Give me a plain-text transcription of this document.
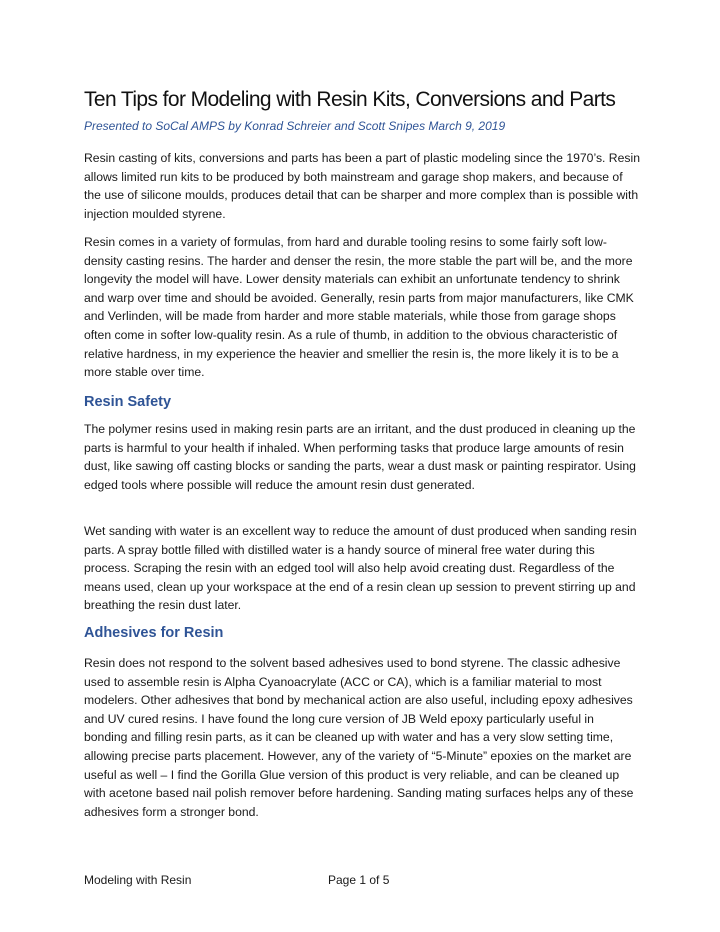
Ten Tips for Modeling with Resin Kits, Conversions and Parts
Presented to SoCal AMPS by Konrad Schreier and Scott Snipes March 9, 2019

Resin casting of kits, conversions and parts has been a part of plastic modeling since the 1970’s. Resin allows limited run kits to be produced by both mainstream and garage shop makers, and because of the use of silicone moulds, produces detail that can be sharper and more complex than is possible with injection moulded styrene.

Resin comes in a variety of formulas, from hard and durable tooling resins to some fairly soft low-density casting resins. The harder and denser the resin, the more stable the part will be, and the more longevity the model will have. Lower density materials can exhibit an unfortunate tendency to shrink and warp over time and should be avoided. Generally, resin parts from major manufacturers, like CMK and Verlinden, will be made from harder and more stable materials, while those from garage shops often come in softer low-quality resin. As a rule of thumb, in addition to the obvious characteristic of relative hardness, in my experience the heavier and smellier the resin is, the more likely it is to be a more stable over time.

Resin Safety

The polymer resins used in making resin parts are an irritant, and the dust produced in cleaning up the parts is harmful to your health if inhaled. When performing tasks that produce large amounts of resin dust, like sawing off casting blocks or sanding the parts, wear a dust mask or painting respirator. Using edged tools where possible will reduce the amount resin dust generated.

Wet sanding with water is an excellent way to reduce the amount of dust produced when sanding resin parts. A spray bottle filled with distilled water is a handy source of mineral free water during this process. Scraping the resin with an edged tool will also help avoid creating dust. Regardless of the means used, clean up your workspace at the end of a resin clean up session to prevent stirring up and breathing the resin dust later.

Adhesives for Resin

Resin does not respond to the solvent based adhesives used to bond styrene. The classic adhesive used to assemble resin is Alpha Cyanoacrylate (ACC or CA), which is a familiar material to most modelers. Other adhesives that bond by mechanical action are also useful, including epoxy adhesives and UV cured resins. I have found the long cure version of JB Weld epoxy particularly useful in bonding and filling resin parts, as it can be cleaned up with water and has a very slow setting time, allowing precise parts placement. However, any of the variety of “5-Minute” epoxies on the market are useful as well – I find the Gorilla Glue version of this product is very reliable, and can be cleaned up with acetone based nail polish remover before hardening. Sanding mating surfaces helps any of these adhesives form a stronger bond.

Modeling with Resin	Page 1 of 5
